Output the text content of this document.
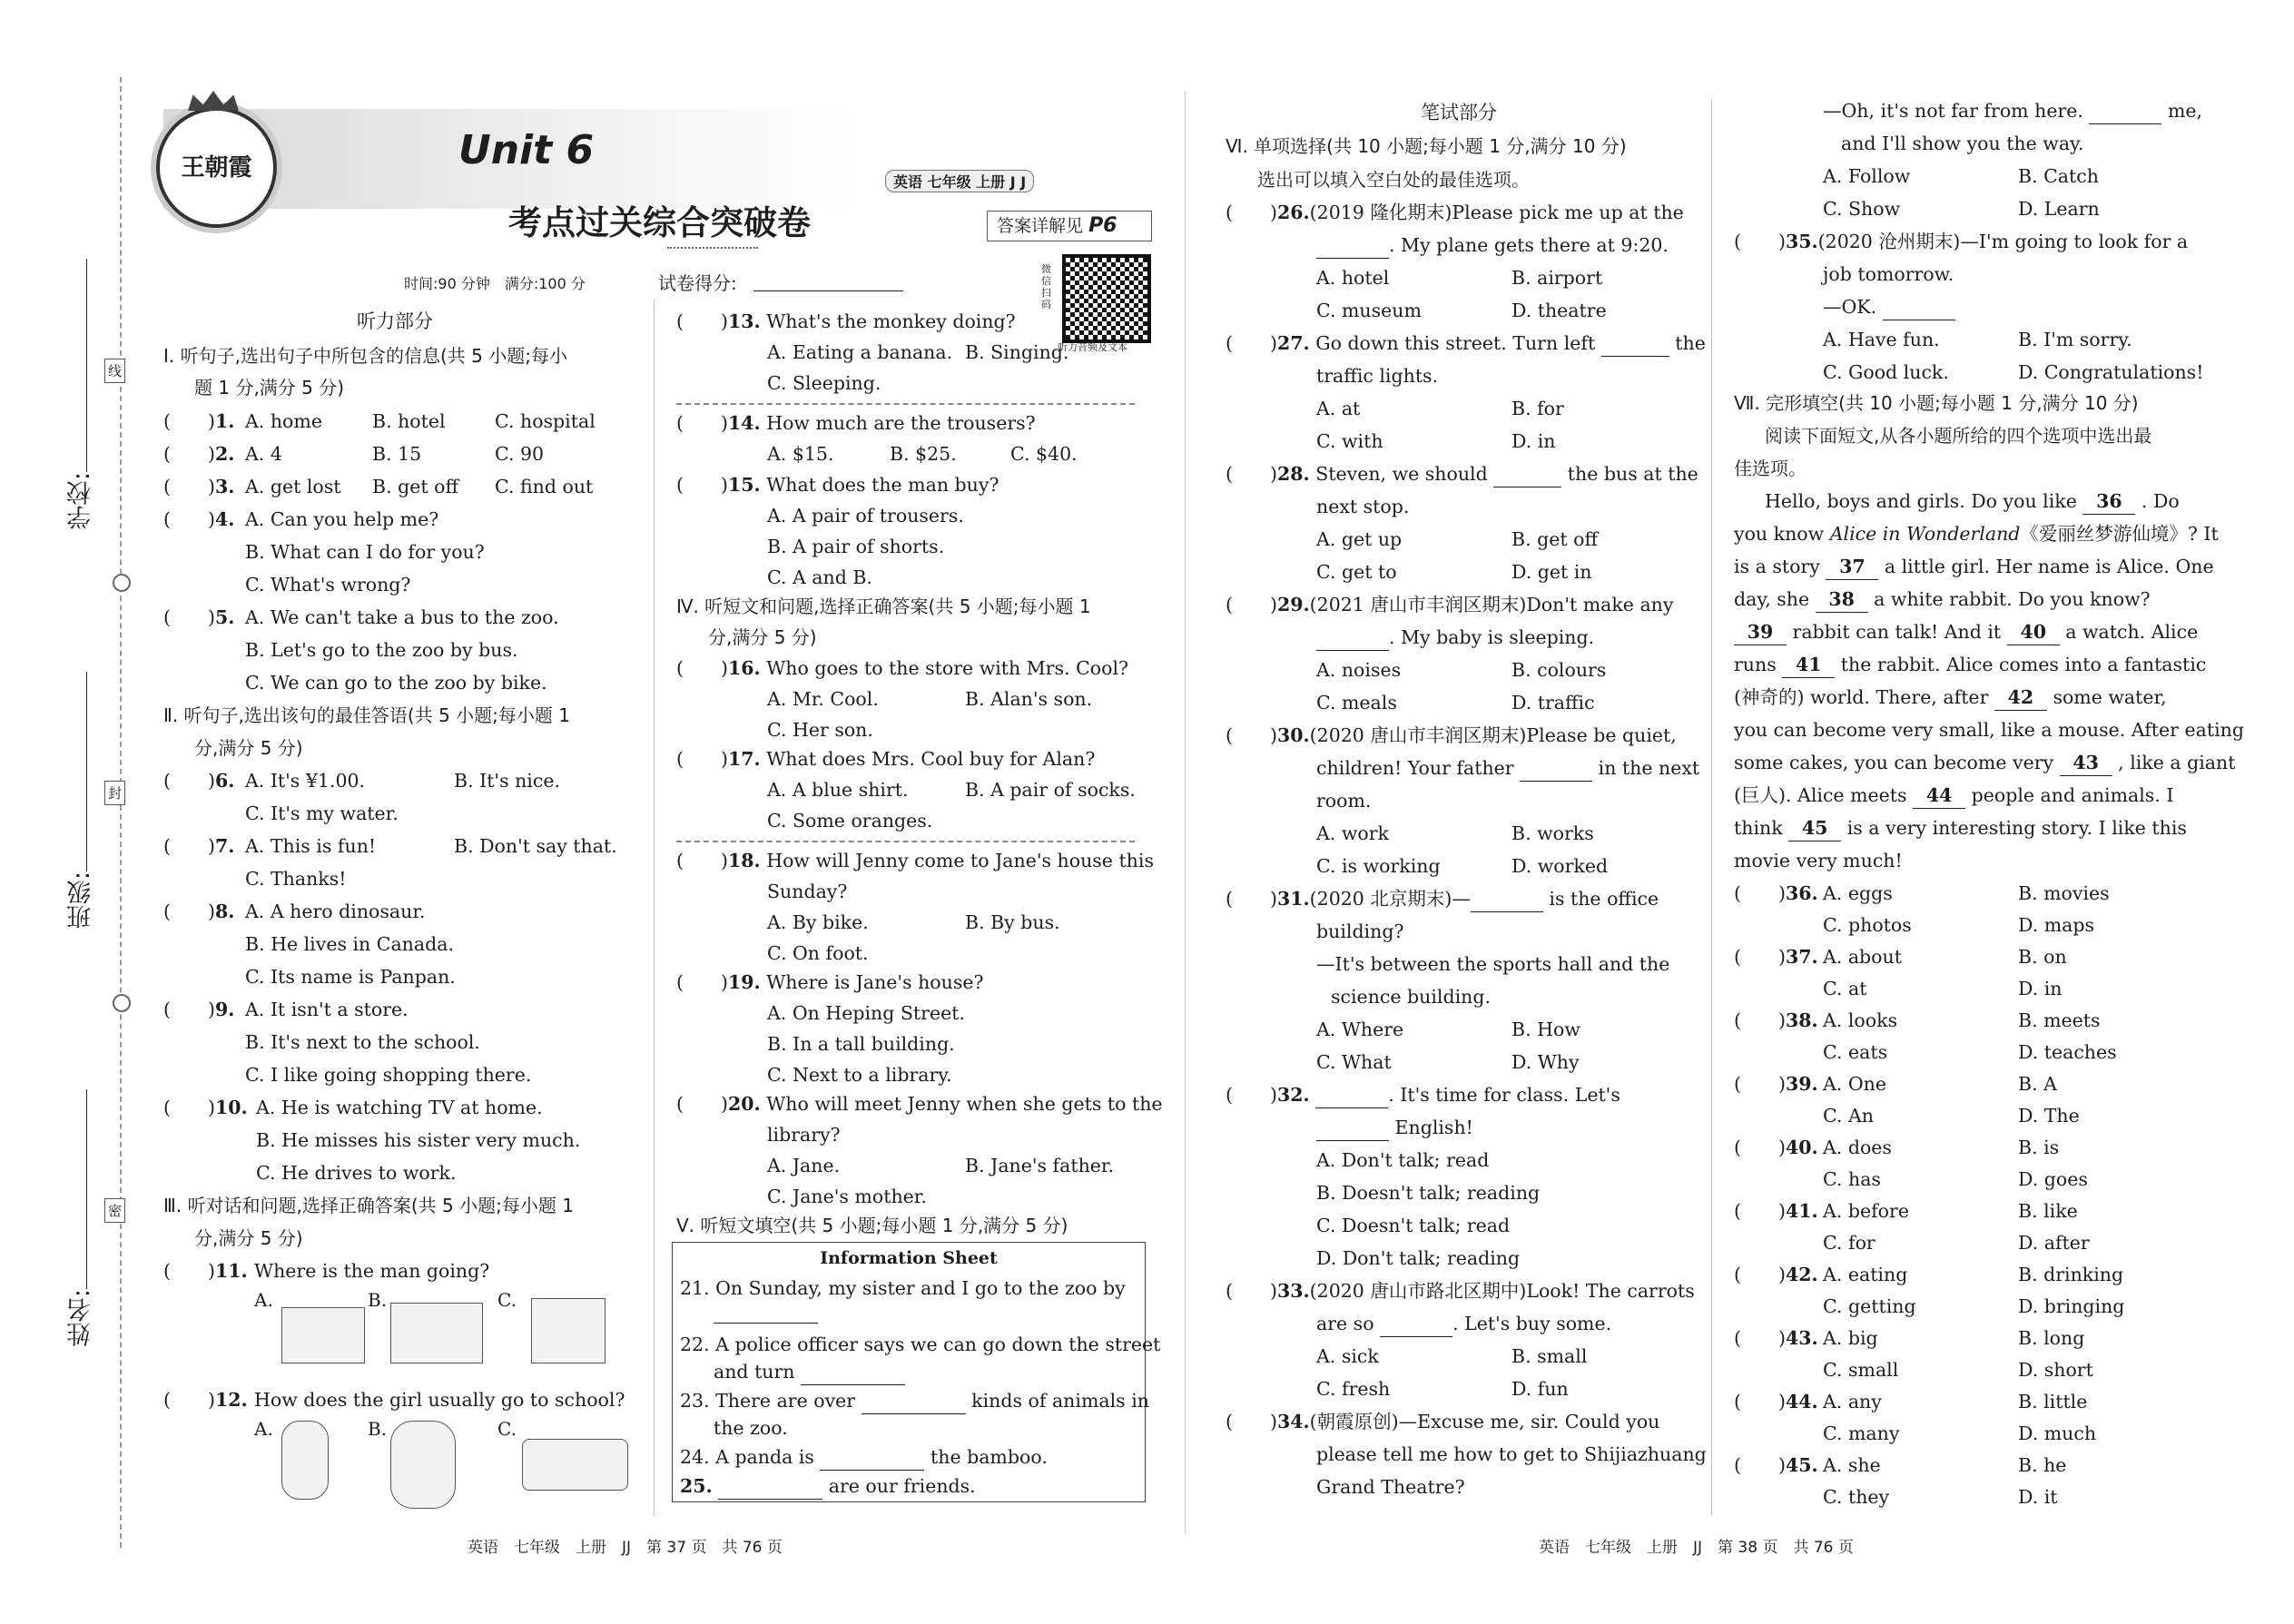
线
封
密
学校:
班级:
姓名:
王朝霞	Unit 6
英语 七年级 上册 J J
考点过关综合突破卷	答案详解见 P6
时间:90 分钟　满分:100 分	试卷得分:
微信扫码
听力音频及文本
听力部分
Ⅰ. 听句子,选出句子中所包含的信息(共 5 小题;每小
题 1 分,满分 5 分)
(　　)1. A. home	B. hotel	C. hospital
(　　)2. A. 4	B. 15	C. 90
(　　)3. A. get lost B. get off C. find out
(　　)4. A. Can you help me?
B. What can I do for you?
C. What's wrong?
(　　)5. A. We can't take a bus to the zoo.
B. Let's go to the zoo by bus.
C. We can go to the zoo by bike.
Ⅱ. 听句子,选出该句的最佳答语(共 5 小题;每小题 1
分,满分 5 分)
(　　)6. A. It's ¥1.00.	B. It's nice.
C. It's my water.
(　　)7. A. This is fun!	B. Don't say that.
C. Thanks!
(　　)8. A. A hero dinosaur.
B. He lives in Canada.
C. Its name is Panpan.
(　　)9. A. It isn't a store.
B. It's next to the school.
C. I like going shopping there.
(　　)10. A. He is watching TV at home.
B. He misses his sister very much.
C. He drives to work.
Ⅲ. 听对话和问题,选择正确答案(共 5 小题;每小题 1
分,满分 5 分)
(　　)11. Where is the man going?
A.	B.	C.
(　　)12. How does the girl usually go to school?
A.	B.	C.
(　　)13. What's the monkey doing?
A. Eating a banana. B. Singing.
C. Sleeping.
(　　)14. How much are the trousers?
A. $15.	B. $25.	C. $40.
(　　)15. What does the man buy?
A. A pair of trousers.
B. A pair of shorts.
C. A and B.
Ⅳ. 听短文和问题,选择正确答案(共 5 小题;每小题 1
分,满分 5 分)
(　　)16. Who goes to the store with Mrs. Cool?
A. Mr. Cool.	B. Alan's son.
C. Her son.
(　　)17. What does Mrs. Cool buy for Alan?
A. A blue shirt.	B. A pair of socks.
C. Some oranges.
(　　)18. How will Jenny come to Jane's house this
Sunday?
A. By bike.	B. By bus.
C. On foot.
(　　)19. Where is Jane's house?
A. On Heping Street.
B. In a tall building.
C. Next to a library.
(　　)20. Who will meet Jenny when she gets to the
library?
A. Jane.	B. Jane's father.
C. Jane's mother.
Ⅴ. 听短文填空(共 5 小题;每小题 1 分,满分 5 分)
Information Sheet
21. On Sunday, my sister and I go to the zoo by
22. A police officer says we can go down the street
and turn
23. There are over	kinds of animals in
the zoo.
24. A panda is	the bamboo.
25.	are our friends.
英语　七年级　上册　JJ　第 37 页　共 76 页
笔试部分
Ⅵ. 单项选择(共 10 小题;每小题 1 分,满分 10 分)
选出可以填入空白处的最佳选项。
(　　)26.(2019 隆化期末)Please pick me up at the
. My plane gets there at 9:20.
A. hotel	B. airport
C. museum	D. theatre
(　　)27. Go down this street. Turn left	the
traffic lights.
A. at	B. for
C. with	D. in
(　　)28. Steven, we should	the bus at the
next stop.
A. get up	B. get off
C. get to	D. get in
(　　)29.(2021 唐山市丰润区期末)Don't make any
. My baby is sleeping.
A. noises	B. colours
C. meals	D. traffic
(　　)30.(2020 唐山市丰润区期末)Please be quiet,
children! Your father	in the next
room.
A. work	B. works
C. is working	D. worked
(　　)31.(2020 北京期末)—	is the office
building?
—It's between the sports hall and the
science building.
A. Where	B. How
C. What	D. Why
(　　)32.	. It's time for class. Let's
English!
A. Don't talk; read
B. Doesn't talk; reading
C. Doesn't talk; read
D. Don't talk; reading
(　　)33.(2020 唐山市路北区期中)Look! The carrots
are so	. Let's buy some.
A. sick	B. small
C. fresh	D. fun
(　　)34.(朝霞原创)—Excuse me, sir. Could you
please tell me how to get to Shijiazhuang
Grand Theatre?
—Oh, it's not far from here.	me,
and I'll show you the way.
A. Follow	B. Catch
C. Show	D. Learn
(　　)35.(2020 沧州期末)—I'm going to look for a
job tomorrow.
—OK.
A. Have fun.	B. I'm sorry.
C. Good luck.	D. Congratulations!
Ⅶ. 完形填空(共 10 小题;每小题 1 分,满分 10 分)
阅读下面短文,从各小题所给的四个选项中选出最
佳选项。
Hello, boys and girls. Do you like 36 . Do
you know Alice in Wonderland《爱丽丝梦游仙境》? It
is a story 37 a little girl. Her name is Alice. One
day, she 38 a white rabbit. Do you know?
39 rabbit can talk! And it 40 a watch. Alice
runs 41 the rabbit. Alice comes into a fantastic
(神奇的) world. There, after 42 some water,
you can become very small, like a mouse. After eating
some cakes, you can become very 43 , like a giant
(巨人). Alice meets 44 people and animals. I
think 45 is a very interesting story. I like this
movie very much!
(　　)36. A. eggs	B. movies
C. photos	D. maps
(　　)37. A. about	B. on
C. at	D. in
(　　)38. A. looks	B. meets
C. eats	D. teaches
(　　)39. A. One	B. A
C. An	D. The
(　　)40. A. does	B. is
C. has	D. goes
(　　)41. A. before	B. like
C. for	D. after
(　　)42. A. eating	B. drinking
C. getting	D. bringing
(　　)43. A. big	B. long
C. small	D. short
(　　)44. A. any	B. little
C. many	D. much
(　　)45. A. she	B. he
C. they	D. it
英语　七年级　上册　JJ　第 38 页　共 76 页
